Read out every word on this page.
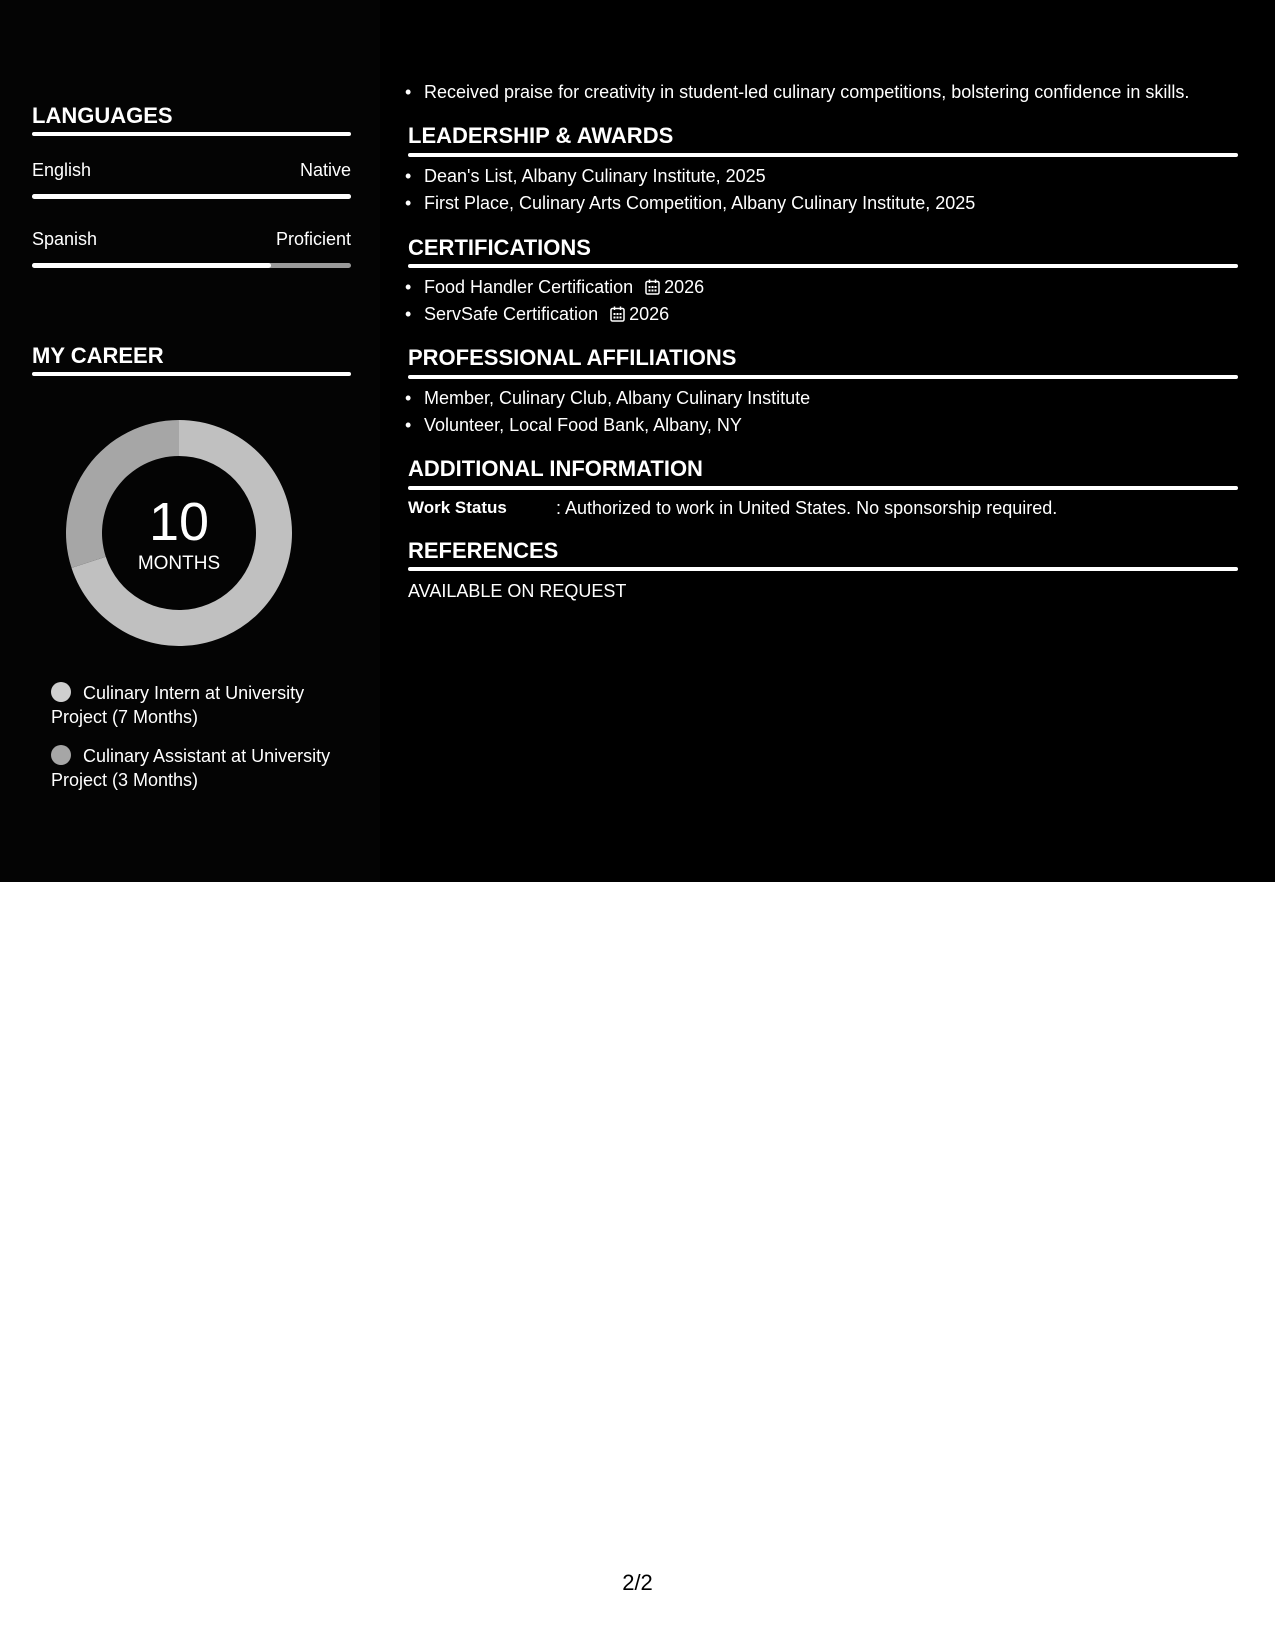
LANGUAGES
English	Native
Spanish	Proficient
MY CAREER
10
MONTHS
Culinary Intern at University Project (7 Months)
Culinary Assistant at University Project (3 Months)
• Received praise for creativity in student-led culinary competitions, bolstering confidence in skills.
LEADERSHIP & AWARDS
• Dean's List, Albany Culinary Institute, 2025
• First Place, Culinary Arts Competition, Albany Culinary Institute, 2025
CERTIFICATIONS
• Food Handler Certification 2026
• ServSafe Certification 2026
PROFESSIONAL AFFILIATIONS
• Member, Culinary Club, Albany Culinary Institute
• Volunteer, Local Food Bank, Albany, NY
ADDITIONAL INFORMATION
Work Status	: Authorized to work in United States. No sponsorship required.
REFERENCES
AVAILABLE ON REQUEST
2/2
